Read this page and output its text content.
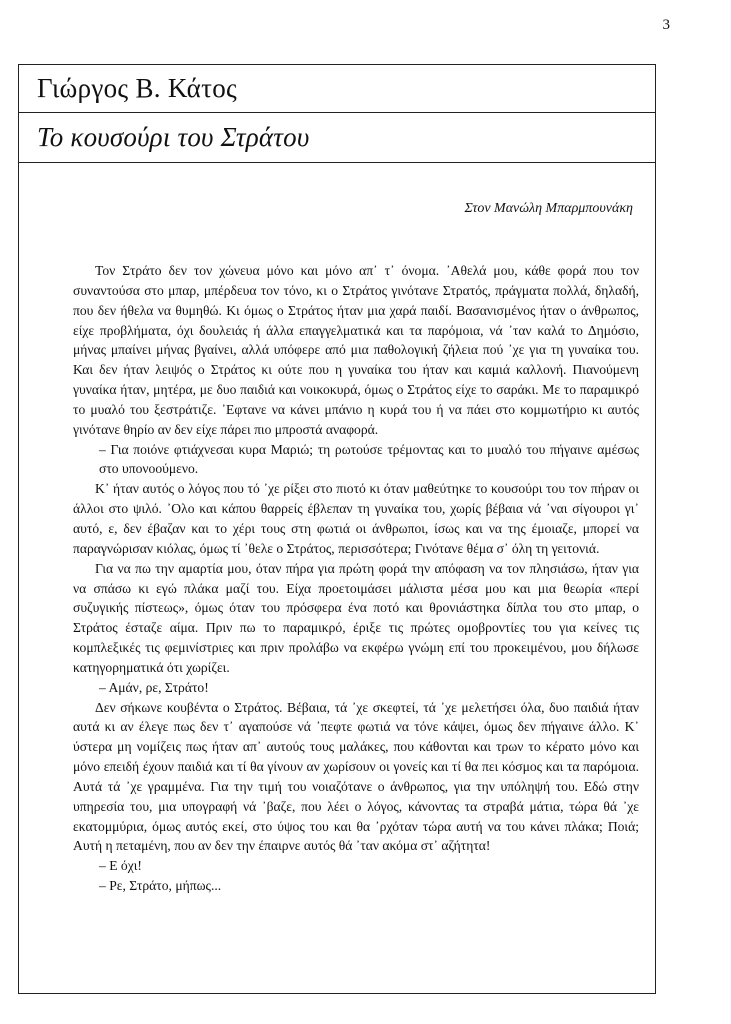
3
Γιώργος Β. Κάτος
Το κουσούρι του Στράτου
Στον Μανώλη Μπαρμπουνάκη

Τον Στράτο δεν τον χώνευα μόνο και μόνο απ᾿ τ᾿ όνομα. ᾿Αθελά μου, κάθε φορά που τον συναντούσα στο μπαρ, μπέρδευα τον τόνο, κι ο Στράτος γινότανε Στρατός, πράγματα πολλά, δηλαδή, που δεν ήθελα να θυμηθώ. Κι όμως ο Στράτος ήταν μια χαρά παιδί. Βασανισμένος ήταν ο άνθρωπος, είχε προβλήματα, όχι δουλειάς ή άλλα επαγγελματικά και τα παρόμοια, νά ᾿ταν καλά το Δημόσιο, μήνας μπαίνει μήνας βγαίνει, αλλά υπόφερε από μια παθολογική ζήλεια πού ᾿χε για τη γυναίκα του. Και δεν ήταν λειψός ο Στράτος κι ούτε που η γυναίκα του ήταν και καμιά καλλονή. Πιανούμενη γυναίκα ήταν, μητέρα, με δυο παιδιά και νοικοκυρά, όμως ο Στράτος είχε το σαράκι. Με το παραμικρό το μυαλό του ξεστράτιζε. ᾿Εφτανε να κάνει μπάνιο η κυρά του ή να πάει στο κομμωτήριο κι αυτός γινότανε θηρίο αν δεν είχε πάρει πιο μπροστά αναφορά.

– Για ποιόνε φτιάχνεσαι κυρα Μαριώ; τη ρωτούσε τρέμοντας και το μυαλό του πήγαινε αμέσως στο υπονοούμενο.

Κ᾿ ήταν αυτός ο λόγος που τό ᾿χε ρίξει στο πιοτό κι όταν μαθεύτηκε το κουσούρι του τον πήραν οι άλλοι στο ψιλό. ᾿Ολο και κάπου θαρρείς έβλεπαν τη γυναίκα του, χωρίς βέβαια νά ᾿ναι σίγουροι γι᾿ αυτό, ε, δεν έβαζαν και το χέρι τους στη φωτιά οι άνθρωποι, ίσως και να της έμοιαζε, μπορεί να παραγνώρισαν κιόλας, όμως τί ᾿θελε ο Στράτος, περισσότερα; Γινότανε θέμα σ᾿ όλη τη γειτονιά.

Για να πω την αμαρτία μου, όταν πήρα για πρώτη φορά την απόφαση να τον πλησιάσω, ήταν για να σπάσω κι εγώ πλάκα μαζί του. Είχα προετοιμάσει μάλιστα μέσα μου και μια θεωρία «περί συζυγικής πίστεως», όμως όταν του πρόσφερα ένα ποτό και θρονιάστηκα δίπλα του στο μπαρ, ο Στράτος έσταζε αίμα. Πριν πω το παραμικρό, έριξε τις πρώτες ομοβροντίες του για κείνες τις κομπλεξικές τις φεμινίστριες και πριν προλάβω να εκφέρω γνώμη επί του προκειμένου, μου δήλωσε κατηγορηματικά ότι χωρίζει.

– Αμάν, ρε, Στράτο!

Δεν σήκωνε κουβέντα ο Στράτος. Βέβαια, τά ᾿χε σκεφτεί, τά ᾿χε μελετήσει όλα, δυο παιδιά ήταν αυτά κι αν έλεγε πως δεν τ᾿ αγαπούσε νά ᾿πεφτε φωτιά να τόνε κάψει, όμως δεν πήγαινε άλλο. Κ᾿ ύστερα μη νομίζεις πως ήταν απ᾿ αυτούς τους μαλάκες, που κάθονται και τρων το κέρατο μόνο και μόνο επειδή έχουν παιδιά και τί θα γίνουν αν χωρίσουν οι γονείς και τί θα πει κόσμος και τα παρόμοια. Αυτά τά ᾿χε γραμμένα. Για την τιμή του νοιαζότανε ο άνθρωπος, για την υπόληψή του. Εδώ στην υπηρεσία του, μια υπογραφή νά ᾿βαζε, που λέει ο λόγος, κάνοντας τα στραβά μάτια, τώρα θά ᾿χε εκατομμύρια, όμως αυτός εκεί, στο ύψος του και θα ᾿ρχόταν τώρα αυτή να του κάνει πλάκα; Ποιά; Αυτή η πεταμένη, που αν δεν την έπαιρνε αυτός θά ᾿ταν ακόμα στ᾿ αζήτητα!

– Ε όχι!

– Ρε, Στράτο, μήπως...
